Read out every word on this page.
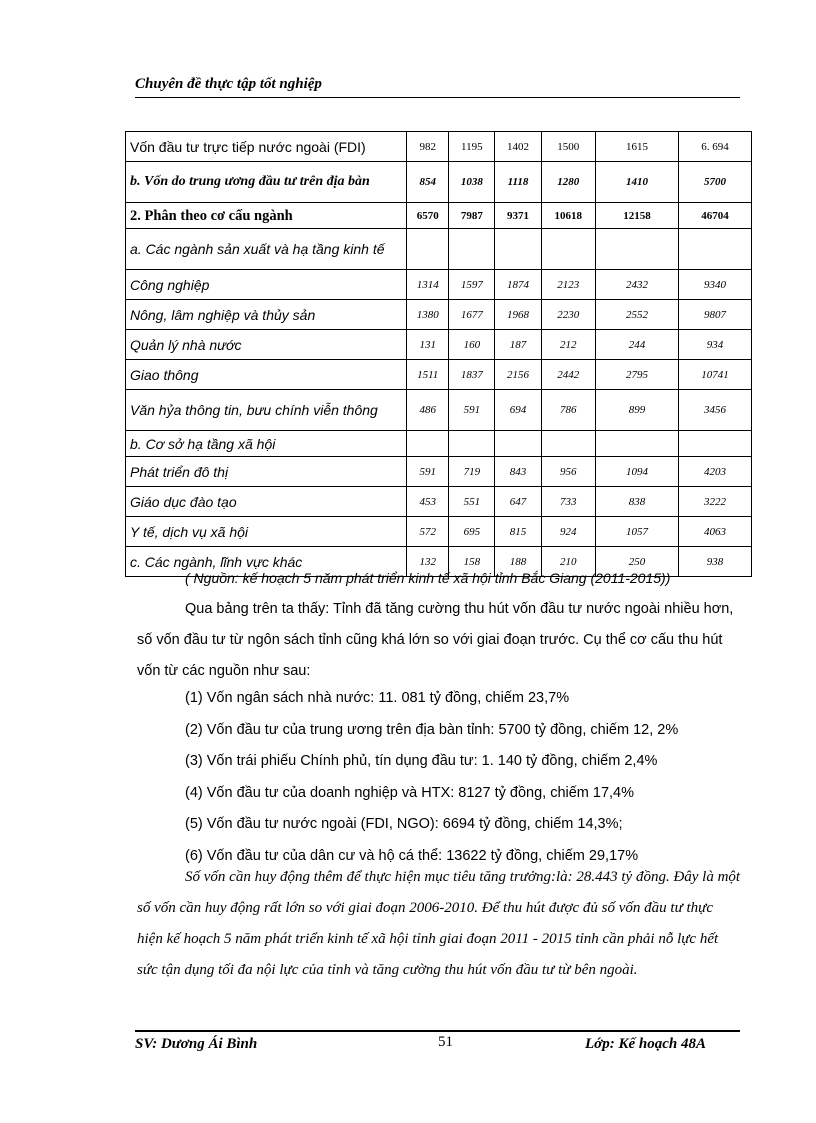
Chuyên đề thực tập tốt nghiệp
Vốn đầu tư trực tiếp nước ngoài (FDI)	982	1195	1402	1500	1615	6. 694
b. Vốn do trung ương đầu tư trên địa bàn	854	1038	1118	1280	1410	5700
2. Phân theo cơ cấu ngành	6570	7987	9371	10618	12158	46704
a. Các ngành sản xuất và hạ tầng kinh tế						
Công nghiệp	1314	1597	1874	2123	2432	9340
Nông, lâm nghiệp và thủy sản	1380	1677	1968	2230	2552	9807
Quản lý nhà nước	131	160	187	212	244	934
Giao thông	1511	1837	2156	2442	2795	10741
Văn hỷa thông tin, bưu chính viễn thông	486	591	694	786	899	3456
b. Cơ sở hạ tầng xã hội						
Phát triển đô thị	591	719	843	956	1094	4203
Giáo dục đào tạo	453	551	647	733	838	3222
Y tế, dịch vụ xã hội	572	695	815	924	1057	4063
c. Các ngành, lĩnh vực khác	132	158	188	210	250	938
( Nguồn: kế hoạch 5 năm phát triển kinh tế xã hội tỉnh Bắc Giang (2011-2015))
Qua bảng trên ta thấy: Tỉnh đã tăng cường thu hút vốn đầu tư nước ngoài nhiều hơn, số vốn đầu tư từ ngôn sách tỉnh cũng khá lớn so với giai đoạn trước. Cụ thể cơ cấu thu hút vốn từ các nguồn như sau:
(1) Vốn ngân sách nhà nước: 11. 081 tỷ đồng, chiếm 23,7%
(2) Vốn đầu tư của trung ương trên địa bàn tỉnh: 5700 tỷ đồng, chiếm 12, 2%
(3) Vốn trái phiếu Chính phủ, tín dụng đầu tư: 1. 140 tỷ đồng, chiếm 2,4%
(4) Vốn đầu tư của doanh nghiệp và HTX: 8127 tỷ đồng, chiếm 17,4%
(5) Vốn đầu tư nước ngoài (FDI, NGO): 6694 tỷ đồng, chiếm 14,3%;
(6) Vốn đầu tư của dân cư và hộ cá thể: 13622 tỷ đồng, chiếm 29,17%
Số vốn cần huy động thêm để thực hiện mục tiêu tăng trưởng:là: 28.443 tỷ đồng. Đây là một số vốn cần huy động rất lớn so với giai đoạn 2006-2010. Để thu hút được đủ số vốn đầu tư thực hiện kế hoạch 5 năm phát triển kinh tế xã hội tỉnh giai đoạn 2011 - 2015 tỉnh cần phải nỗ lực hết sức tận dụng tối đa nội lực của tỉnh và tăng cường thu hút vốn đầu tư từ bên ngoài.
SV: Dương Ái Bình	51	Lớp: Kế hoạch 48A
